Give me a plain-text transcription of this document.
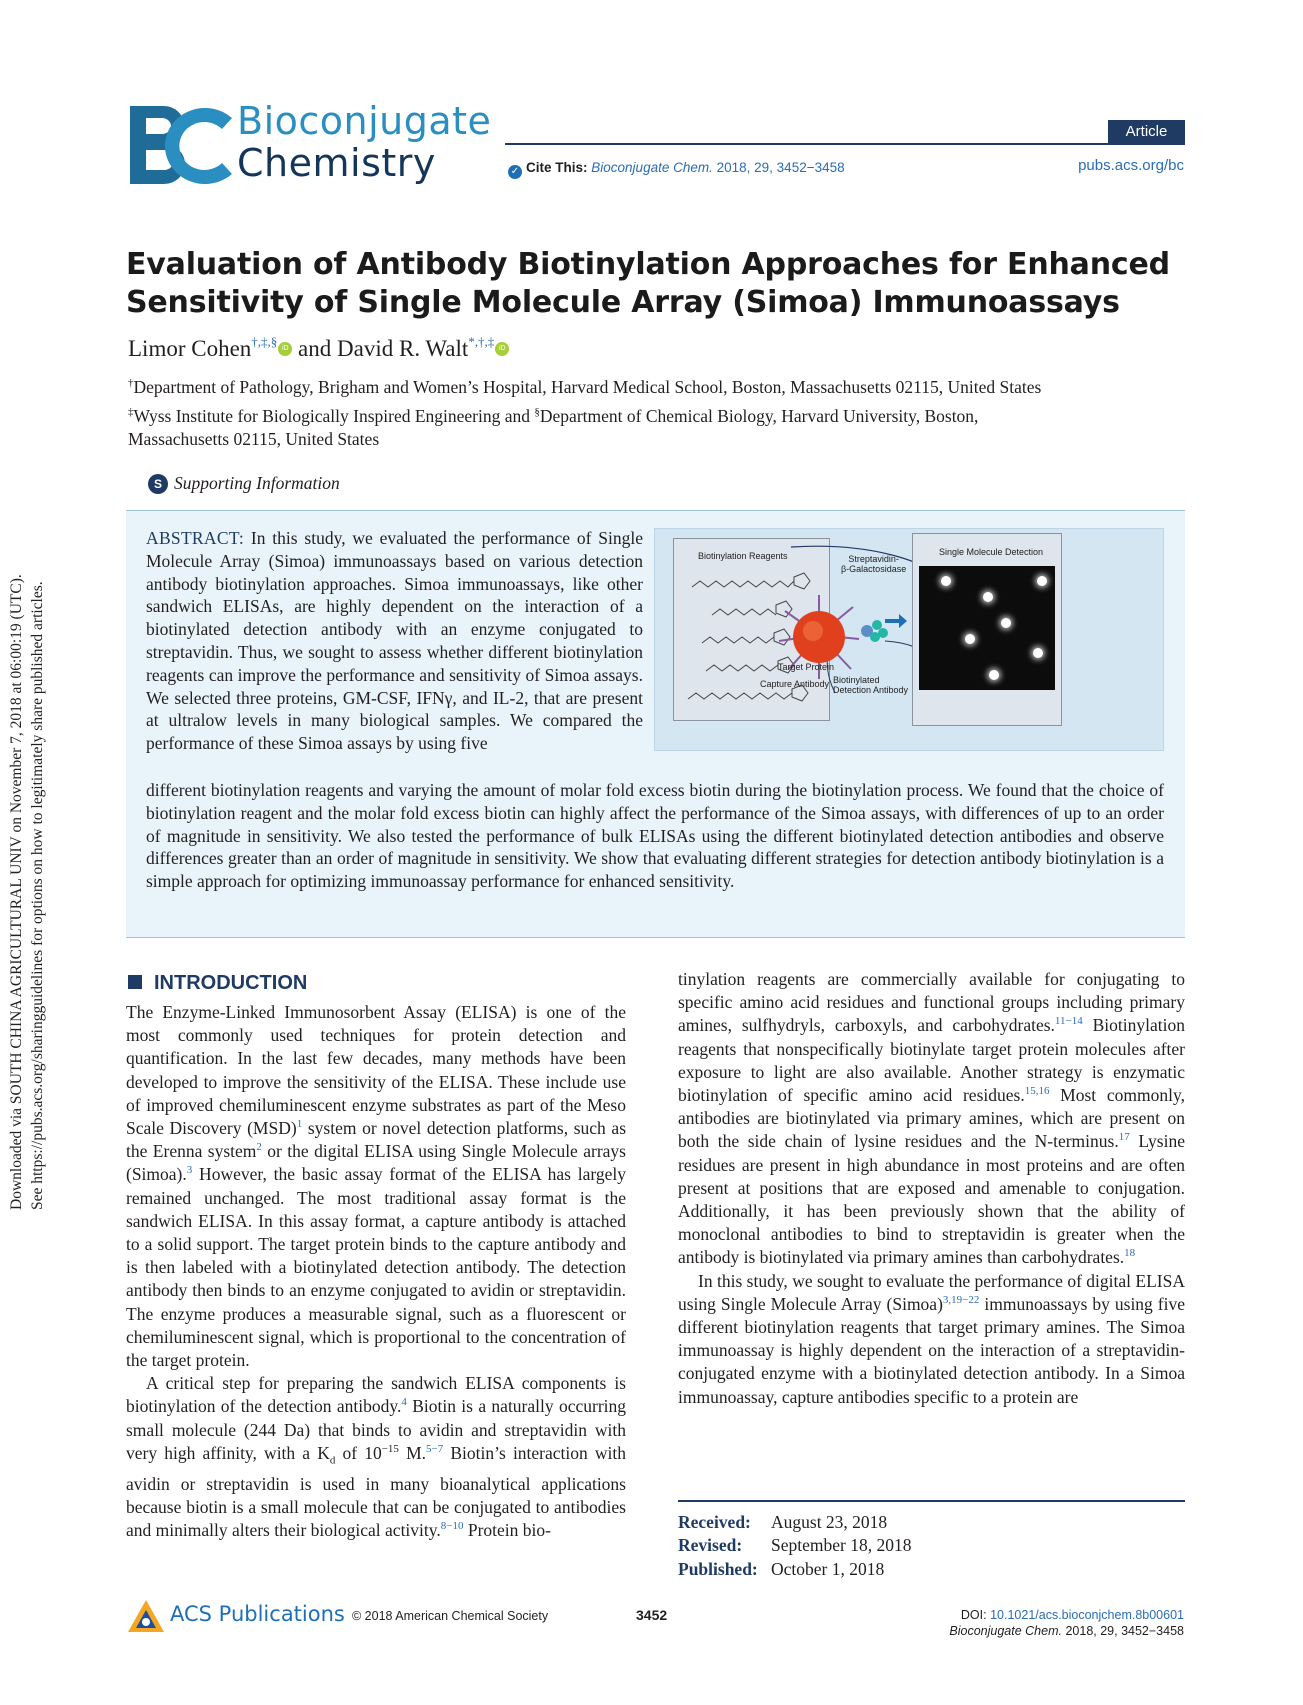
Downloaded via SOUTH CHINA AGRICULTURAL UNIV on November 7, 2018 at 06:00:19 (UTC). See https://pubs.acs.org/sharingguidelines for options on how to legitimately share published articles.
Bioconjugate
Chemistry
Article
✓ Cite This: Bioconjugate Chem. 2018, 29, 3452−3458	pubs.acs.org/bc
Evaluation of Antibody Biotinylation Approaches for Enhanced Sensitivity of Single Molecule Array (Simoa) Immunoassays
Limor Cohen†,‡,§ iD and David R. Walt*,†,‡ iD
†Department of Pathology, Brigham and Women’s Hospital, Harvard Medical School, Boston, Massachusetts 02115, United States
‡Wyss Institute for Biologically Inspired Engineering and §Department of Chemical Biology, Harvard University, Boston,
Massachusetts 02115, United States
S Supporting Information
ABSTRACT: In this study, we evaluated the performance of Single Molecule Array (Simoa) immunoassays based on various detection antibody biotinylation approaches. Simoa immunoassays, like other sandwich ELISAs, are highly dependent on the interaction of a biotinylated detection antibody with an enzyme conjugated to streptavidin. Thus, we sought to assess whether different biotinylation reagents can improve the performance and sensitivity of Simoa assays. We selected three proteins, GM-CSF, IFNγ, and IL-2, that are present at ultralow levels in many biological samples. We compared the performance of these Simoa assays by using five
different biotinylation reagents and varying the amount of molar fold excess biotin during the biotinylation process. We found that the choice of biotinylation reagent and the molar fold excess biotin can highly affect the performance of the Simoa assays, with differences of up to an order of magnitude in sensitivity. We also tested the performance of bulk ELISAs using the different biotinylated detection antibodies and observe differences greater than an order of magnitude in sensitivity. We show that evaluating different strategies for detection antibody biotinylation is a simple approach for optimizing immunoassay performance for enhanced sensitivity.
Biotinylation Reagents	Streptavidin-
β-Galactosidase
Target Protein
Capture Antibody Biotinylated
Detection Antibody
Single Molecule Detection
INTRODUCTION

The Enzyme-Linked Immunosorbent Assay (ELISA) is one of the most commonly used techniques for protein detection and quantification. In the last few decades, many methods have been developed to improve the sensitivity of the ELISA. These include use of improved chemiluminescent enzyme substrates as part of the Meso Scale Discovery (MSD)$^1$ system or novel detection platforms, such as the Erenna system$^2$ or the digital ELISA using Single Molecule arrays (Simoa).$^3$ However, the basic assay format of the ELISA has largely remained unchanged. The most traditional assay format is the sandwich ELISA. In this assay format, a capture antibody is attached to a solid support. The target protein binds to the capture antibody and is then labeled with a biotinylated detection antibody. The detection antibody then binds to an enzyme conjugated to avidin or streptavidin. The enzyme produces a measurable signal, such as a fluorescent or chemiluminescent signal, which is proportional to the concentration of the target protein.

A critical step for preparing the sandwich ELISA components is biotinylation of the detection antibody.$^4$ Biotin is a naturally occurring small molecule (244 Da) that binds to avidin and streptavidin with very high affinity, with a $K_d$ of $10^{-15}$ M.$^{5-7}$ Biotin’s interaction with avidin or streptavidin is used in many bioanalytical applications because biotin is a small molecule that can be conjugated to antibodies and minimally alters their biological activity.$^{8-10}$ Protein bio-

tinylation reagents are commercially available for conjugating to specific amino acid residues and functional groups including primary amines, sulfhydryls, carboxyls, and carbohydrates.$^{11-14}$ Biotinylation reagents that nonspecifically biotinylate target protein molecules after exposure to light are also available. Another strategy is enzymatic biotinylation of specific amino acid residues.$^{15,16}$ Most commonly, antibodies are biotinylated via primary amines, which are present on both the side chain of lysine residues and the N-terminus.$^{17}$ Lysine residues are present in high abundance in most proteins and are often present at positions that are exposed and amenable to conjugation. Additionally, it has been previously shown that the ability of monoclonal antibodies to bind to streptavidin is greater when the antibody is biotinylated via primary amines than carbohydrates.$^{18}$

In this study, we sought to evaluate the performance of digital ELISA using Single Molecule Array (Simoa)$^{3,19-22}$ immunoassays by using five different biotinylation reagents that target primary amines. The Simoa immunoassay is highly dependent on the interaction of a streptavidin-conjugated enzyme with a biotinylated detection antibody. In a Simoa immunoassay, capture antibodies specific to a protein are

Received: August 23, 2018
Revised: September 18, 2018
Published: October 1, 2018
ACS Publications © 2018 American Chemical Society	3452	DOI: 10.1021/acs.bioconjchem.8b00601
Bioconjugate Chem. 2018, 29, 3452−3458
